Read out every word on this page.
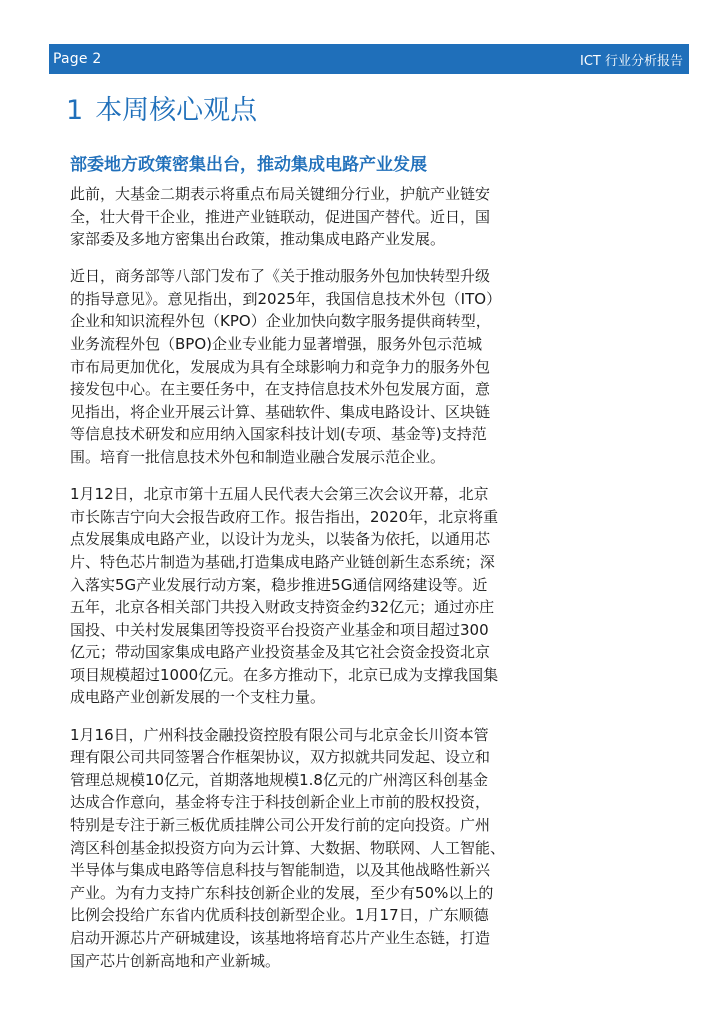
Page 2	ICT 行业分析报告
1 本周核心观点
部委地方政策密集出台，推动集成电路产业发展

此前，大基金二期表示将重点布局关键细分行业，护航产业链安
全，壮大骨干企业，推进产业链联动，促进国产替代。近日，国
家部委及多地方密集出台政策，推动集成电路产业发展。

近日，商务部等八部门发布了《关于推动服务外包加快转型升级
的指导意见》。意见指出，到2025年，我国信息技术外包（ITO）
企业和知识流程外包（KPO）企业加快向数字服务提供商转型，
业务流程外包（BPO)企业专业能力显著增强，服务外包示范城
市布局更加优化，发展成为具有全球影响力和竞争力的服务外包
接发包中心。在主要任务中，在支持信息技术外包发展方面，意
见指出，将企业开展云计算、基础软件、集成电路设计、区块链
等信息技术研发和应用纳入国家科技计划(专项、基金等)支持范
围。培育一批信息技术外包和制造业融合发展示范企业。

1月12日，北京市第十五届人民代表大会第三次会议开幕，北京
市长陈吉宁向大会报告政府工作。报告指出，2020年，北京将重
点发展集成电路产业，以设计为龙头，以装备为依托，以通用芯
片、特色芯片制造为基础,打造集成电路产业链创新生态系统；深
入落实5G产业发展行动方案，稳步推进5G通信网络建设等。近
五年，北京各相关部门共投入财政支持资金约32亿元；通过亦庄
国投、中关村发展集团等投资平台投资产业基金和项目超过300
亿元；带动国家集成电路产业投资基金及其它社会资金投资北京
项目规模超过1000亿元。在多方推动下，北京已成为支撑我国集
成电路产业创新发展的一个支柱力量。

1月16日，广州科技金融投资控股有限公司与北京金长川资本管
理有限公司共同签署合作框架协议，双方拟就共同发起、设立和
管理总规模10亿元，首期落地规模1.8亿元的广州湾区科创基金
达成合作意向，基金将专注于科技创新企业上市前的股权投资，
特别是专注于新三板优质挂牌公司公开发行前的定向投资。广州
湾区科创基金拟投资方向为云计算、大数据、物联网、人工智能、
半导体与集成电路等信息科技与智能制造，以及其他战略性新兴
产业。为有力支持广东科技创新企业的发展，至少有50%以上的
比例会投给广东省内优质科技创新型企业。1月17日，广东顺德
启动开源芯片产研城建设，该基地将培育芯片产业生态链，打造
国产芯片创新高地和产业新城。
